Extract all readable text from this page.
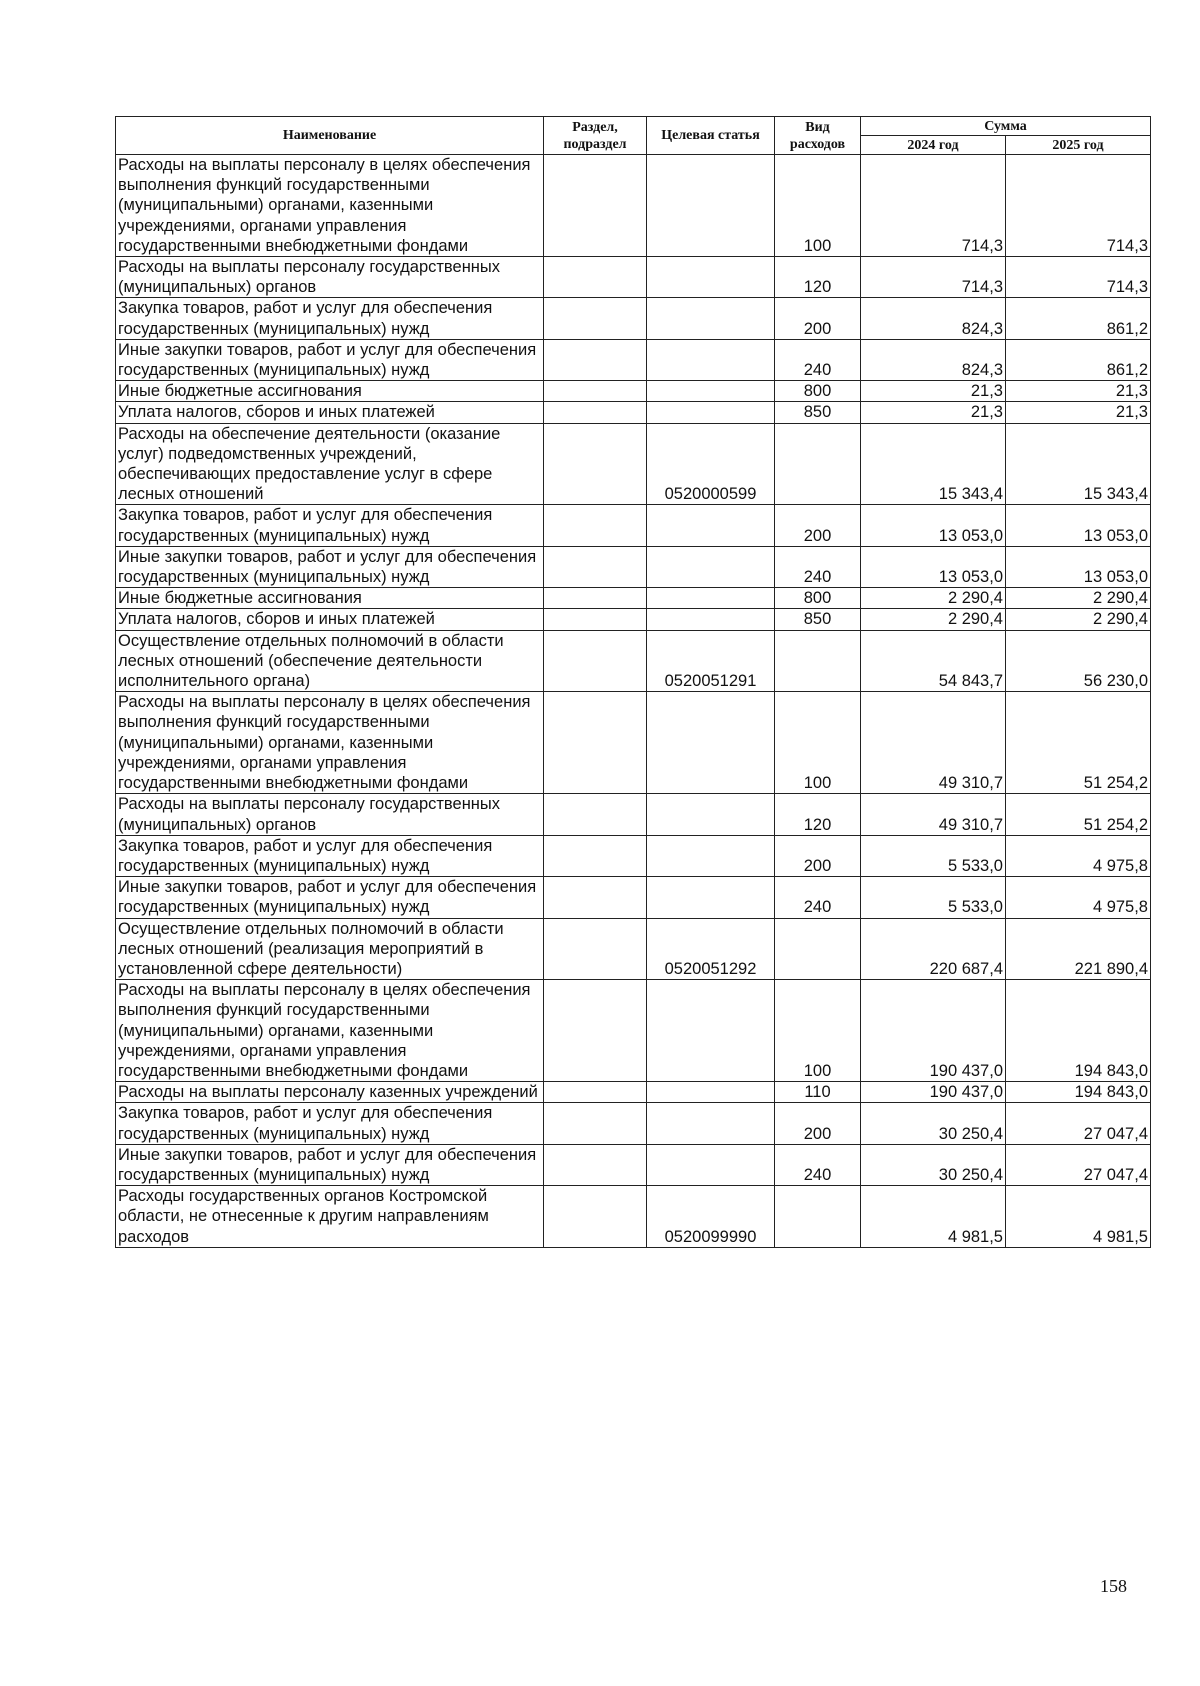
Наименование	Раздел, подраздел	Целевая статья	Вид расходов	Сумма	
				2024 год	2025 год
Расходы на выплаты персоналу в целях обеспечения выполнения функций государственными (муниципальными) органами, казенными учреждениями, органами управления государственными внебюджетными фондами			100	714,3	714,3
Расходы на выплаты персоналу государственных (муниципальных) органов			120	714,3	714,3
Закупка товаров, работ и услуг для обеспечения государственных (муниципальных) нужд			200	824,3	861,2
Иные закупки товаров, работ и услуг для обеспечения государственных (муниципальных) нужд			240	824,3	861,2
Иные бюджетные ассигнования			800	21,3	21,3
Уплата налогов, сборов и иных платежей			850	21,3	21,3
Расходы на обеспечение деятельности (оказание услуг) подведомственных учреждений, обеспечивающих предоставление услуг в сфере лесных отношений		0520000599		15 343,4	15 343,4
Закупка товаров, работ и услуг для обеспечения государственных (муниципальных) нужд			200	13 053,0	13 053,0
Иные закупки товаров, работ и услуг для обеспечения государственных (муниципальных) нужд			240	13 053,0	13 053,0
Иные бюджетные ассигнования			800	2 290,4	2 290,4
Уплата налогов, сборов и иных платежей			850	2 290,4	2 290,4
Осуществление отдельных полномочий в области лесных отношений (обеспечение деятельности исполнительного органа)		0520051291		54 843,7	56 230,0
Расходы на выплаты персоналу в целях обеспечения выполнения функций государственными (муниципальными) органами, казенными учреждениями, органами управления государственными внебюджетными фондами			100	49 310,7	51 254,2
Расходы на выплаты персоналу государственных (муниципальных) органов			120	49 310,7	51 254,2
Закупка товаров, работ и услуг для обеспечения государственных (муниципальных) нужд			200	5 533,0	4 975,8
Иные закупки товаров, работ и услуг для обеспечения государственных (муниципальных) нужд			240	5 533,0	4 975,8
Осуществление отдельных полномочий в области лесных отношений (реализация мероприятий в установленной сфере деятельности)		0520051292		220 687,4	221 890,4
Расходы на выплаты персоналу в целях обеспечения выполнения функций государственными (муниципальными) органами, казенными учреждениями, органами управления государственными внебюджетными фондами			100	190 437,0	194 843,0
Расходы на выплаты персоналу казенных учреждений			110	190 437,0	194 843,0
Закупка товаров, работ и услуг для обеспечения государственных (муниципальных) нужд			200	30 250,4	27 047,4
Иные закупки товаров, работ и услуг для обеспечения государственных (муниципальных) нужд			240	30 250,4	27 047,4
Расходы государственных органов Костромской области, не отнесенные к другим направлениям расходов		0520099990		4 981,5	4 981,5
158
